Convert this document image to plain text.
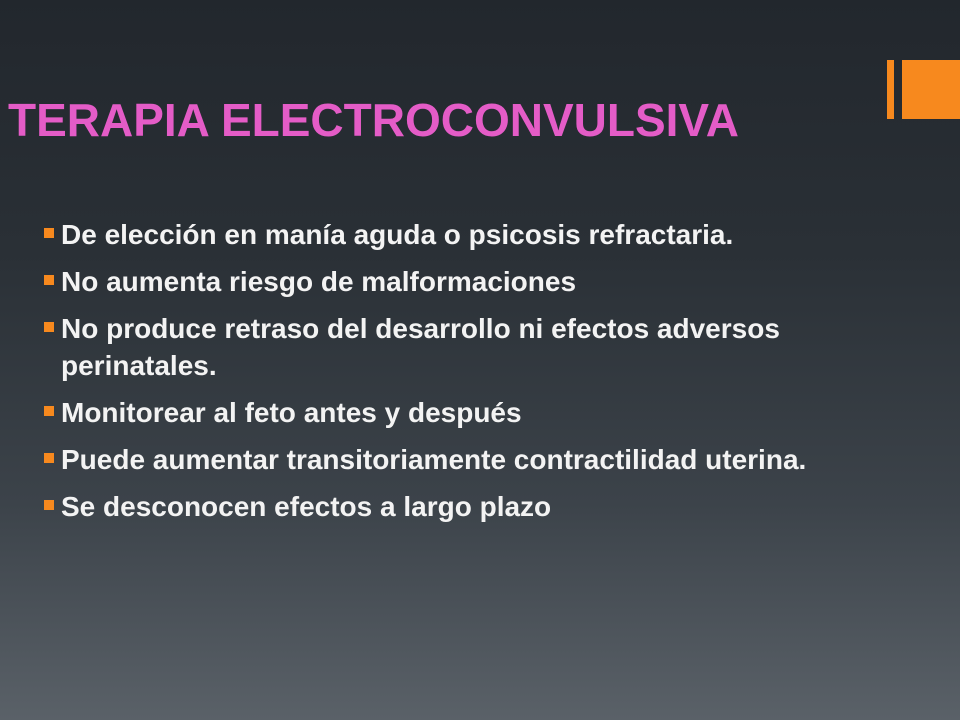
TERAPIA ELECTROCONVULSIVA
De elección en manía aguda o psicosis refractaria.
No aumenta riesgo de malformaciones
No produce retraso del desarrollo ni efectos adversos perinatales.
Monitorear al feto antes y después
Puede aumentar transitoriamente contractilidad uterina.
Se desconocen efectos a largo plazo
